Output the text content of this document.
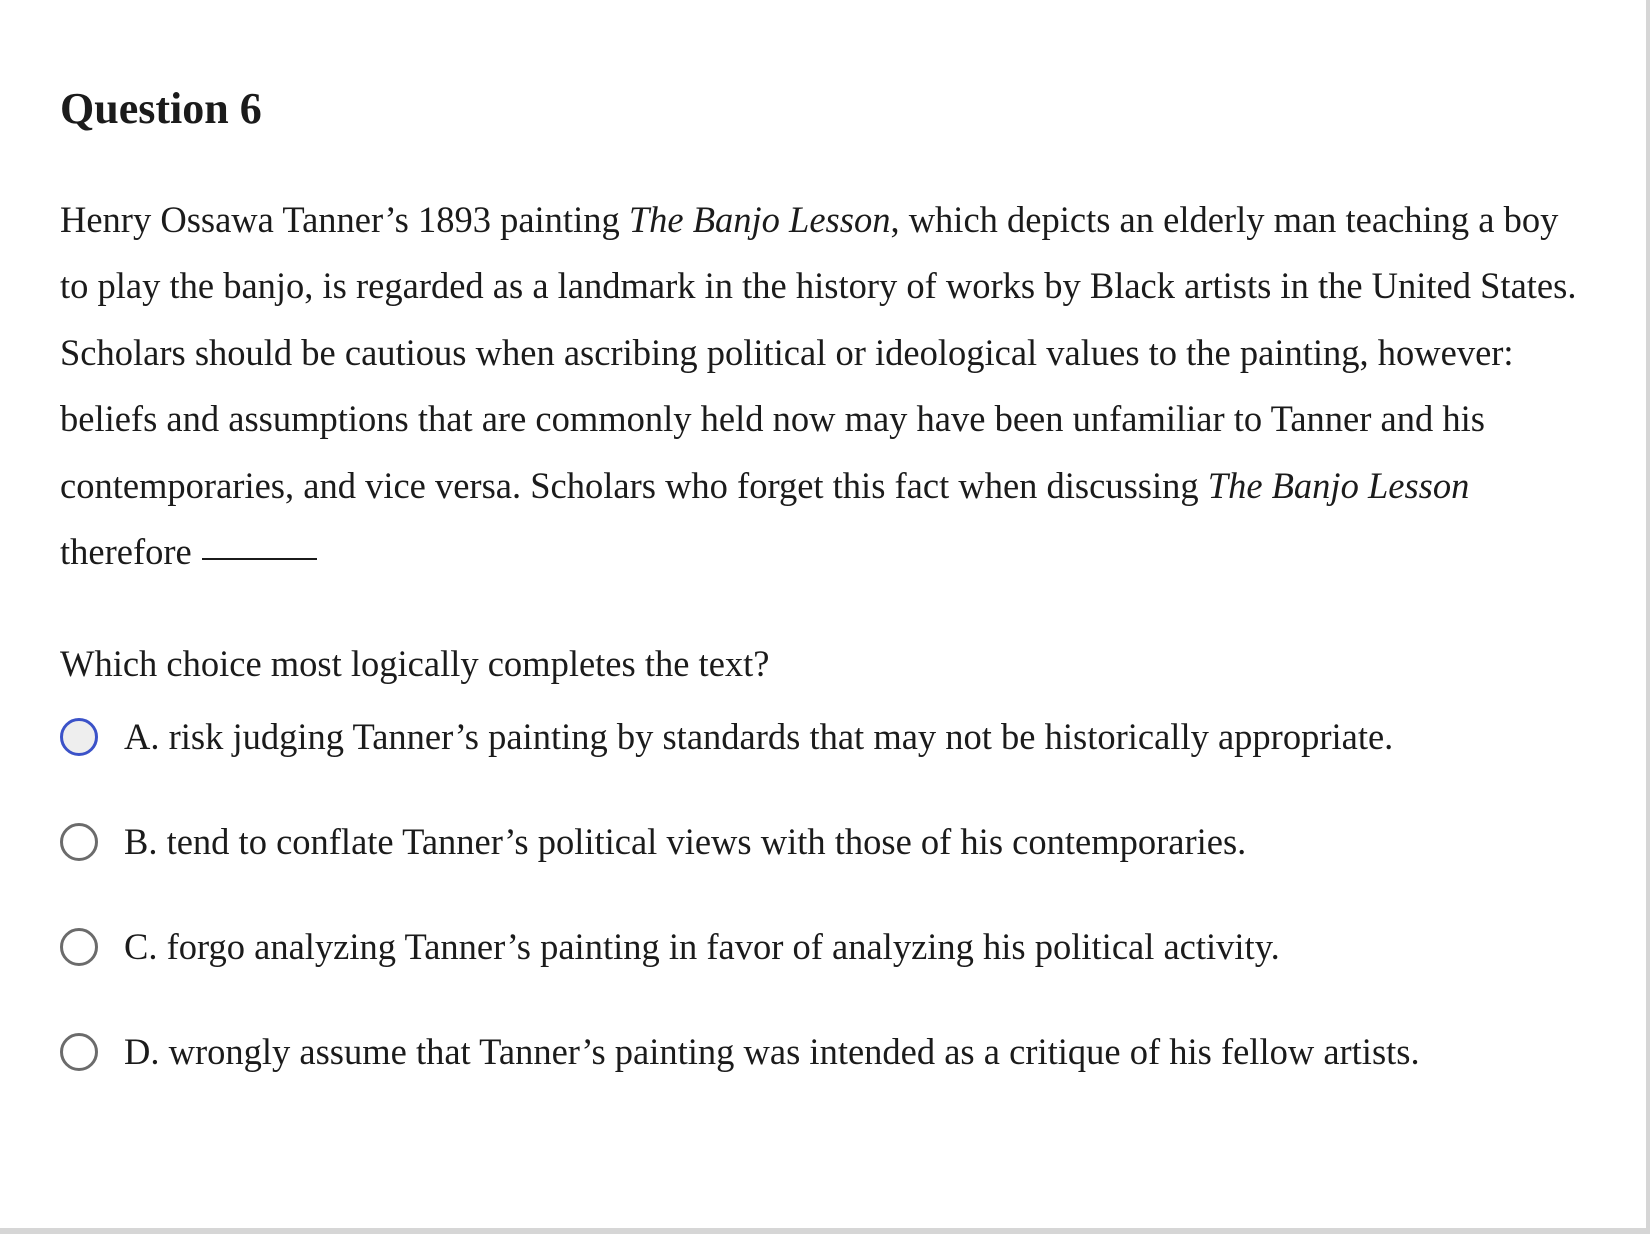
Question 6

Henry Ossawa Tanner’s 1893 painting The Banjo Lesson, which depicts an elderly man teaching a boy to play the banjo, is regarded as a landmark in the history of works by Black artists in the United States. Scholars should be cautious when ascribing political or ideological values to the painting, however: beliefs and assumptions that are commonly held now may have been unfamiliar to Tanner and his contemporaries, and vice versa. Scholars who forget this fact when discussing The Banjo Lesson therefore

Which choice most logically completes the text?

A. risk judging Tanner’s painting by standards that may not be historically appropriate.
B. tend to conflate Tanner’s political views with those of his contemporaries.
C. forgo analyzing Tanner’s painting in favor of analyzing his political activity.
D. wrongly assume that Tanner’s painting was intended as a critique of his fellow artists.
